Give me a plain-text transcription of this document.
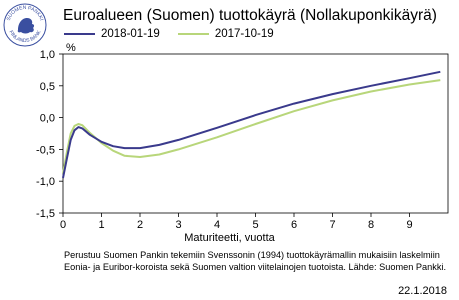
SUOMEN PANKKI
FINLANDS BANK
Euroalueen (Suomen) tuottokäyrä (Nollakuponkikäyrä)
2018-01-19	2017-10-19
%
-1,5
-1,0
-0,5
0,0
0,5
1,0
0	1	2	3	4	5	6	7	8	9
Maturiteetti, vuotta
Perustuu Suomen Pankin tekemiin Svenssonin (1994) tuottokäyrämallin mukaisiin laskelmiin Eonia- ja Euribor-koroista sekä Suomen valtion viitelainojen tuotoista. Lähde: Suomen Pankki.
22.1.2018
